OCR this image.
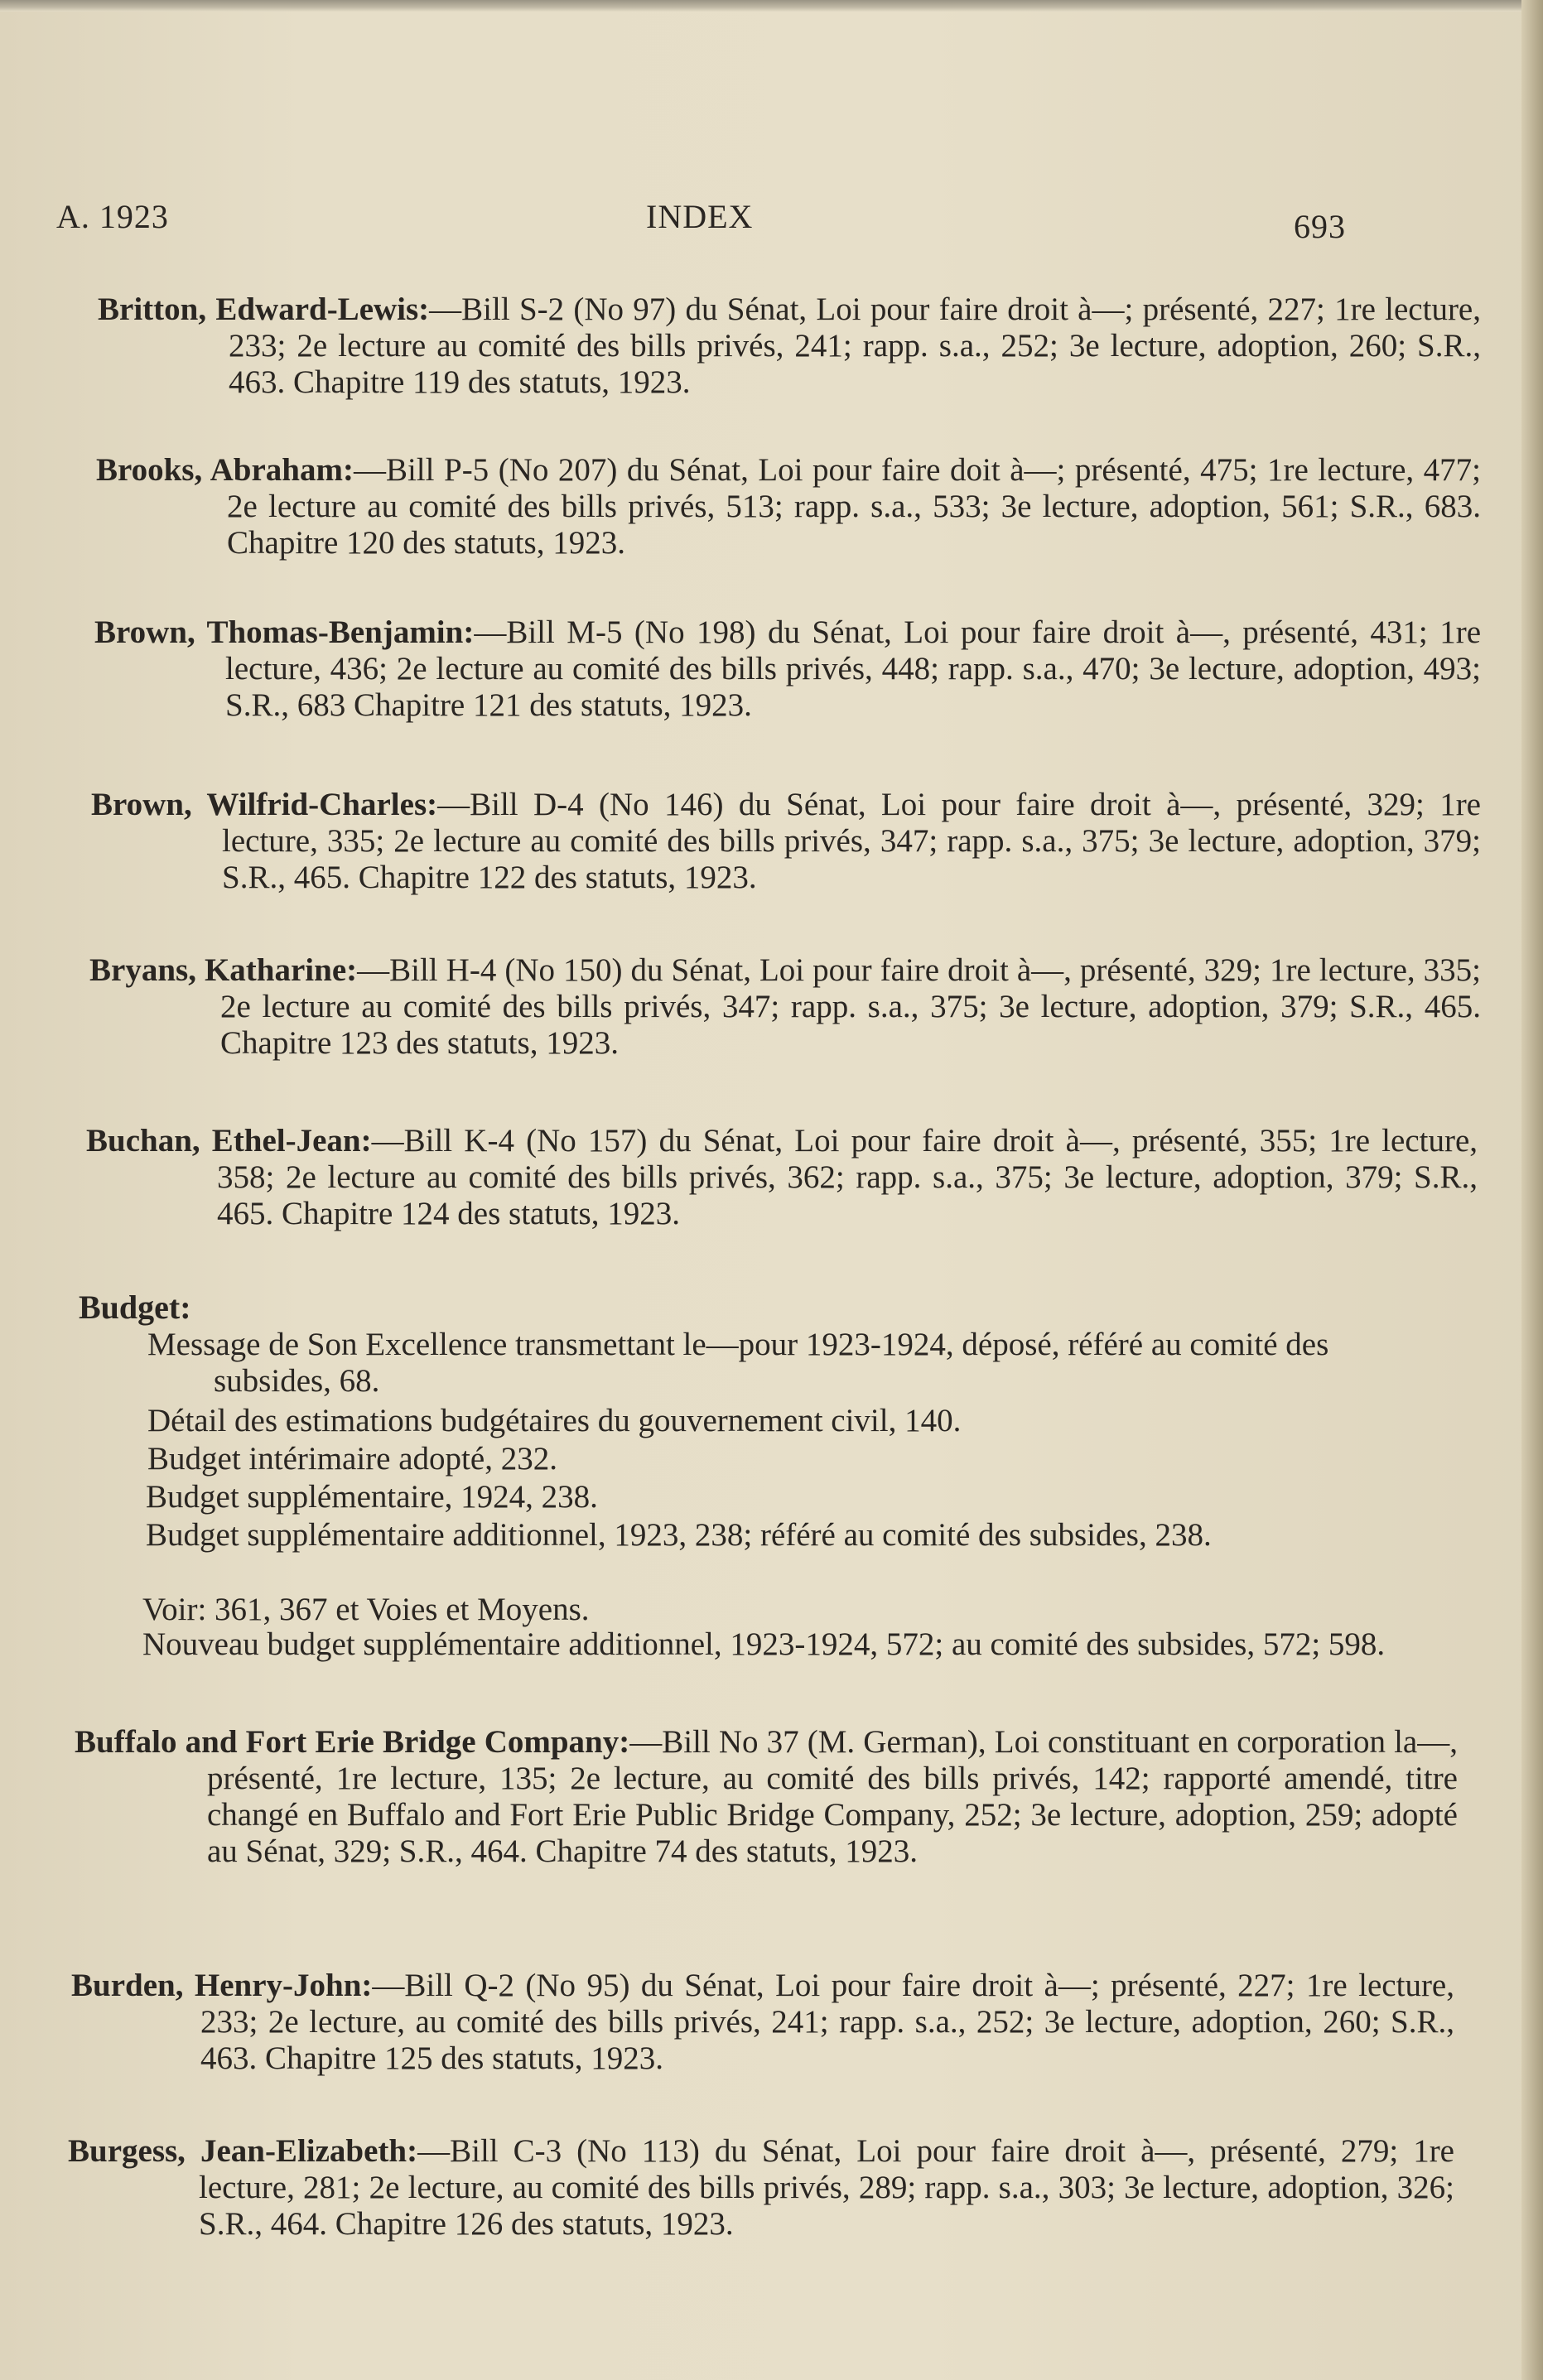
A. 1923	INDEX	693
Britton, Edward-Lewis:—Bill S-2 (No 97) du Sénat, Loi pour faire droit à—; présenté, 227; 1re lecture, 233; 2e lecture au comité des bills privés, 241; rapp. s.a., 252; 3e lecture, adoption, 260; S.R., 463. Chapitre 119 des statuts, 1923.
Brooks, Abraham:—Bill P-5 (No 207) du Sénat, Loi pour faire doit à—; présenté, 475; 1re lecture, 477; 2e lecture au comité des bills privés, 513; rapp. s.a., 533; 3e lecture, adoption, 561; S.R., 683. Chapitre 120 des statuts, 1923.
Brown, Thomas-Benjamin:—Bill M-5 (No 198) du Sénat, Loi pour faire droit à—, présenté, 431; 1re lecture, 436; 2e lecture au comité des bills privés, 448; rapp. s.a., 470; 3e lecture, adoption, 493; S.R., 683 Chapitre 121 des statuts, 1923.
Brown, Wilfrid-Charles:—Bill D-4 (No 146) du Sénat, Loi pour faire droit à—, présenté, 329; 1re lecture, 335; 2e lecture au comité des bills privés, 347; rapp. s.a., 375; 3e lecture, adoption, 379; S.R., 465. Chapitre 122 des statuts, 1923.
Bryans, Katharine:—Bill H-4 (No 150) du Sénat, Loi pour faire droit à—, présenté, 329; 1re lecture, 335; 2e lecture au comité des bills privés, 347; rapp. s.a., 375; 3e lecture, adoption, 379; S.R., 465. Chapitre 123 des statuts, 1923.
Buchan, Ethel-Jean:—Bill K-4 (No 157) du Sénat, Loi pour faire droit à—, présenté, 355; 1re lecture, 358; 2e lecture au comité des bills privés, 362; rapp. s.a., 375; 3e lecture, adoption, 379; S.R., 465. Chapitre 124 des statuts, 1923.
Budget:
Message de Son Excellence transmettant le—pour 1923-1924, déposé, référé au comité des subsides, 68.
Détail des estimations budgétaires du gouvernement civil, 140.
Budget intérimaire adopté, 232.
Budget supplémentaire, 1924, 238.
Budget supplémentaire additionnel, 1923, 238; référé au comité des subsides, 238.
Voir: 361, 367 et Voies et Moyens.
Nouveau budget supplémentaire additionnel, 1923-1924, 572; au comité des subsides, 572; 598.
Buffalo and Fort Erie Bridge Company:—Bill No 37 (M. German), Loi constituant en corporation la—, présenté, 1re lecture, 135; 2e lecture, au comité des bills privés, 142; rapporté amendé, titre changé en Buffalo and Fort Erie Public Bridge Company, 252; 3e lecture, adoption, 259; adopté au Sénat, 329; S.R., 464. Chapitre 74 des statuts, 1923.
Burden, Henry-John:—Bill Q-2 (No 95) du Sénat, Loi pour faire droit à—; présenté, 227; 1re lecture, 233; 2e lecture, au comité des bills privés, 241; rapp. s.a., 252; 3e lecture, adoption, 260; S.R., 463. Chapitre 125 des statuts, 1923.
Burgess, Jean-Elizabeth:—Bill C-3 (No 113) du Sénat, Loi pour faire droit à—, présenté, 279; 1re lecture, 281; 2e lecture, au comité des bills privés, 289; rapp. s.a., 303; 3e lecture, adoption, 326; S.R., 464. Chapitre 126 des statuts, 1923.
